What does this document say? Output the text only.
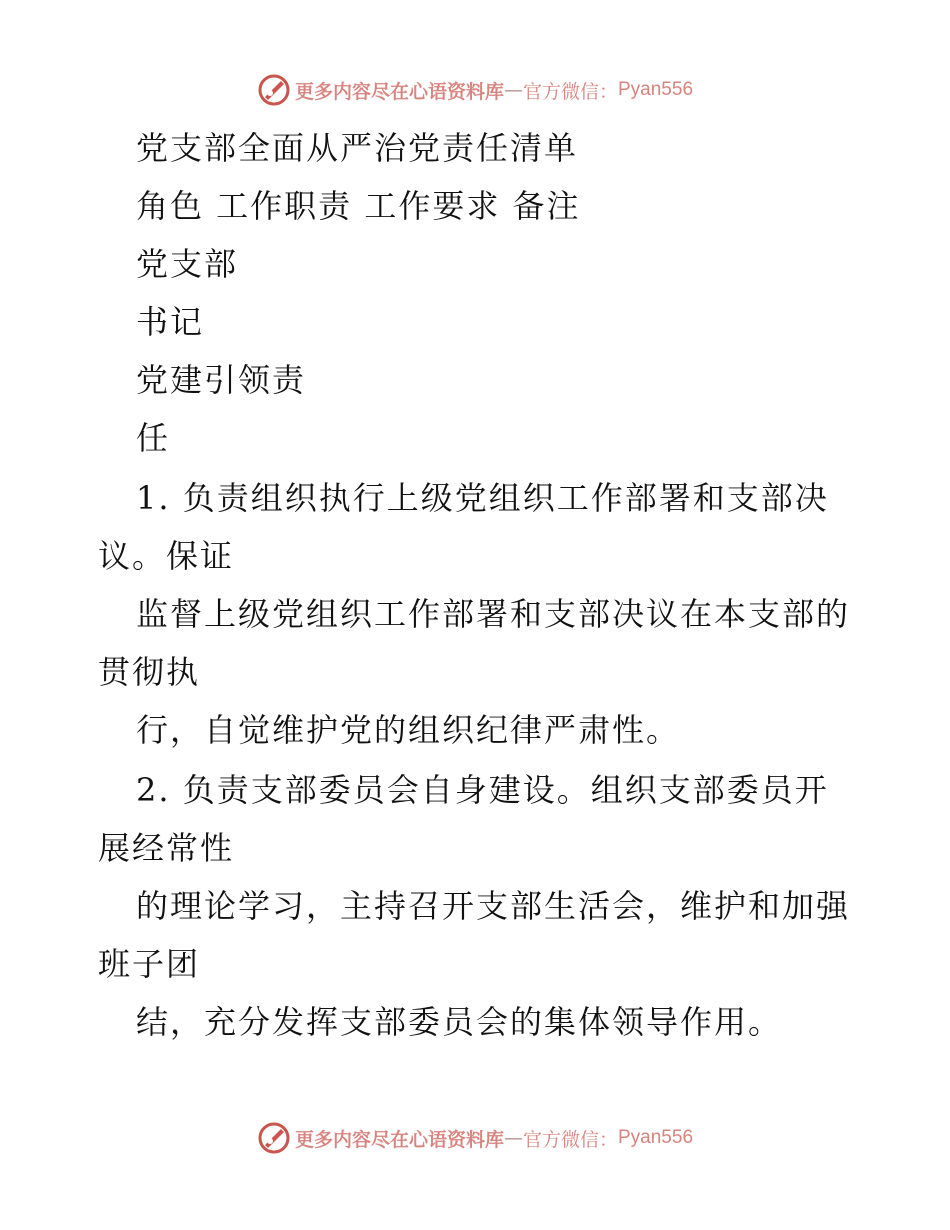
更多内容尽在心语资料库 — 官方微信： Pyan556
党支部全面从严治党责任清单
角色 工作职责 工作要求 备注
党支部
书记
党建引领责
任
1. 负责组织执行上级党组织工作部署和支部决
议。保证
监督上级党组织工作部署和支部决议在本支部的
贯彻执
行，自觉维护党的组织纪律严肃性。
2. 负责支部委员会自身建设。组织支部委员开
展经常性
的理论学习，主持召开支部生活会，维护和加强
班子团
结，充分发挥支部委员会的集体领导作用。
更多内容尽在心语资料库 — 官方微信： Pyan556
